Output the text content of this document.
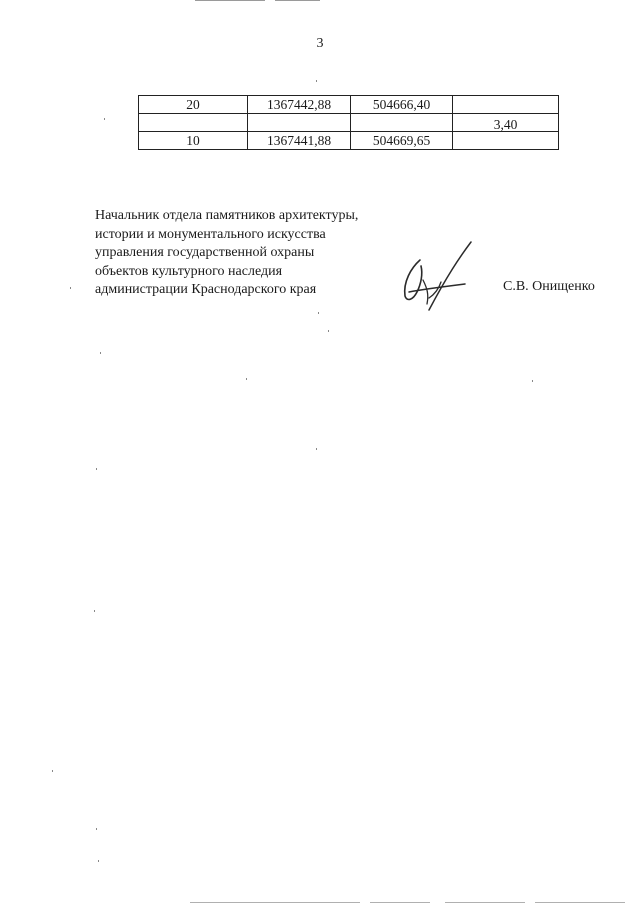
3
20	1367442,88	504666,40	
			3,40
10	1367441,88	504669,65	
Начальник отдела памятников архитектуры,
истории и монументального искусства
управления государственной охраны
объектов культурного наследия
администрации Краснодарского края	С.В. Онищенко
